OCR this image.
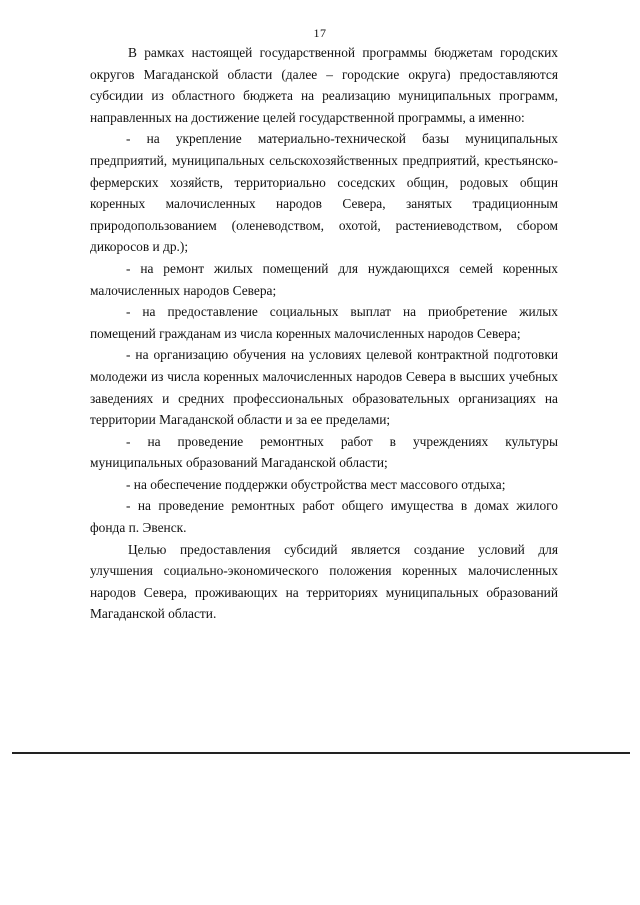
17

В рамках настоящей государственной программы бюджетам городских округов Магаданской области (далее – городские округа) предоставляются субсидии из областного бюджета на реализацию муниципальных программ, направленных на достижение целей государственной программы, а именно:

- на укрепление материально-технической базы муниципальных предприятий, муниципальных сельскохозяйственных предприятий, крестьянско-фермерских хозяйств, территориально соседских общин, родовых общин коренных малочисленных народов Севера, занятых традиционным природопользованием (оленеводством, охотой, растениеводством, сбором дикоросов и др.);

- на ремонт жилых помещений для нуждающихся семей коренных малочисленных народов Севера;

- на предоставление социальных выплат на приобретение жилых помещений гражданам из числа коренных малочисленных народов Севера;

- на организацию обучения на условиях целевой контрактной подготовки молодежи из числа коренных малочисленных народов Севера в высших учебных заведениях и средних профессиональных образовательных организациях на территории Магаданской области и за ее пределами;

- на проведение ремонтных работ в учреждениях культуры муниципальных образований Магаданской области;

- на обеспечение поддержки обустройства мест массового отдыха;

- на проведение ремонтных работ общего имущества в домах жилого фонда п. Эвенск.

Целью предоставления субсидий является создание условий для улучшения социально-экономического положения коренных малочисленных народов Севера, проживающих на территориях муниципальных образований Магаданской области.
